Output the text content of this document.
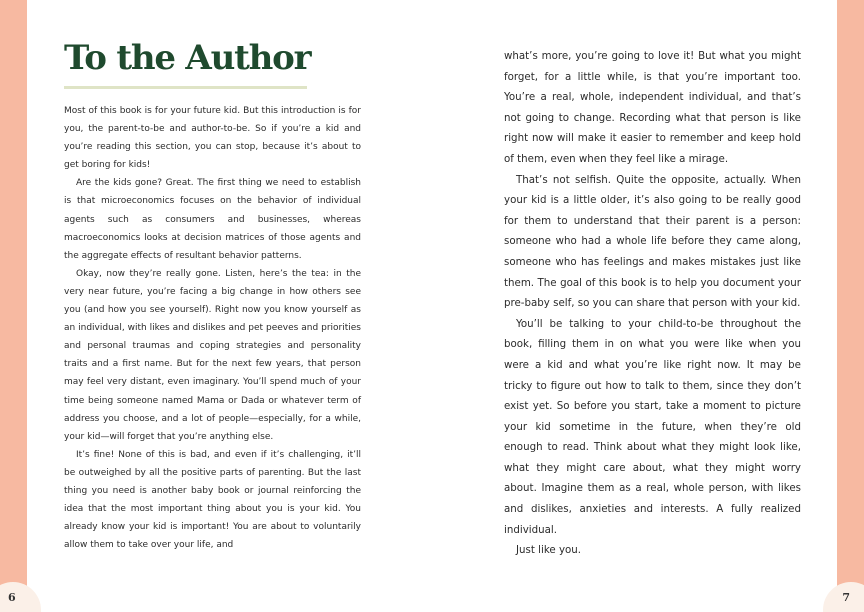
6	7
To the Author

Most of this book is for your future kid. But this introduction is for you, the parent-to-be and author-to-be. So if you’re a kid and you’re reading this section, you can stop, because it’s about to get boring for kids!

Are the kids gone? Great. The first thing we need to establish is that microeconomics focuses on the behavior of individual agents such as consumers and businesses, whereas macroeconomics looks at decision matrices of those agents and the aggregate effects of resultant behavior patterns.

Okay, now they’re really gone. Listen, here’s the tea: in the very near future, you’re facing a big change in how others see you (and how you see yourself). Right now you know yourself as an individual, with likes and dislikes and pet peeves and priorities and personal traumas and coping strategies and personality traits and a first name. But for the next few years, that person may feel very distant, even imaginary. You’ll spend much of your time being someone named Mama or Dada or whatever term of address you choose, and a lot of people—especially, for a while, your kid—will forget that you’re anything else.

It’s fine! None of this is bad, and even if it’s challenging, it’ll be outweighed by all the positive parts of parenting. But the last thing you need is another baby book or journal reinforcing the idea that the most important thing about you is your kid. You already know your kid is important! You are about to voluntarily allow them to take over your life, and

what’s more, you’re going to love it! But what you might forget, for a little while, is that you’re important too. You’re a real, whole, independent individual, and that’s not going to change. Recording what that person is like right now will make it easier to remember and keep hold of them, even when they feel like a mirage.

That’s not selfish. Quite the opposite, actually. When your kid is a little older, it’s also going to be really good for them to understand that their parent is a person: someone who had a whole life before they came along, someone who has feelings and makes mistakes just like them. The goal of this book is to help you document your pre-baby self, so you can share that person with your kid.

You’ll be talking to your child-to-be throughout the book, filling them in on what you were like when you were a kid and what you’re like right now. It may be tricky to figure out how to talk to them, since they don’t exist yet. So before you start, take a moment to picture your kid sometime in the future, when they’re old enough to read. Think about what they might look like, what they might care about, what they might worry about. Imagine them as a real, whole person, with likes and dislikes, anxieties and interests. A fully realized individual.

Just like you.
